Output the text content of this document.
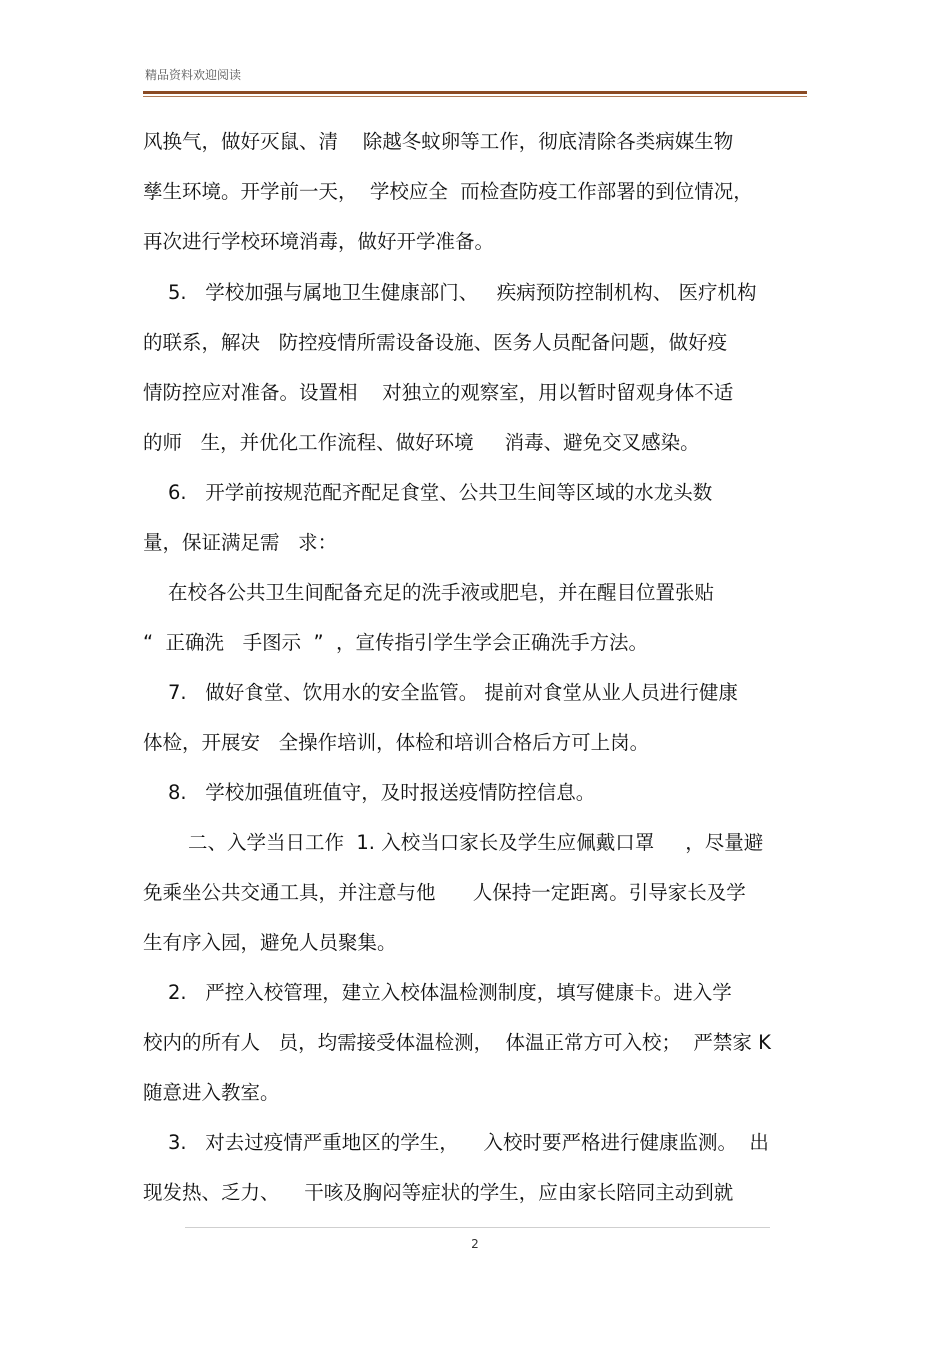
精品资料欢迎阅读
风换气，做好灭鼠、清    除越冬蚊卵等工作，彻底清除各类病媒生物
孳生环境。开学前一天，  学校应全  而检查防疫工作部署的到位情况，
再次进行学校环境消毒，做好开学准备。
5.   学校加强与属地卫生健康部门、   疾病预防控制机构、 医疗机构
的联系，解决   防控疫情所需设备设施、医务人员配备问题，做好疫
情防控应对准备。设置相    对独立的观察室，用以暂时留观身体不适
的师   生，并优化工作流程、做好环境     消毒、避免交叉感染。
6.   开学前按规范配齐配足食堂、公共卫生间等区域的水龙头数
量，保证满足需   求：
在校各公共卫生间配备充足的洗手液或肥皂，并在醒目位置张贴
“  正确洗   手图示  ”  ，宣传指引学生学会正确洗手方法。
7.   做好食堂、饮用水的安全监管。 提前对食堂从业人员进行健康
体检，开展安   全操作培训，体检和培训合格后方可上岗。
8.   学校加强值班值守，及时报送疫情防控信息。
二、入学当日工作  1. 入校当口家长及学生应佩戴口罩     ，尽量避
免乘坐公共交通工具，并注意与他      人保持一定距离。引导家长及学
生有序入园，避免人员聚集。
2.   严控入校管理，建立入校体温检测制度，填写健康卡。进入学
校内的所有人   员，均需接受体温检测，  体温正常方可入校；  严禁家 K
随意进入教室。
3.   对去过疫情严重地区的学生，    入校时要严格进行健康监测。  出
现发热、乏力、    干咳及胸闷等症状的学生，应由家长陪同主动到就
2
